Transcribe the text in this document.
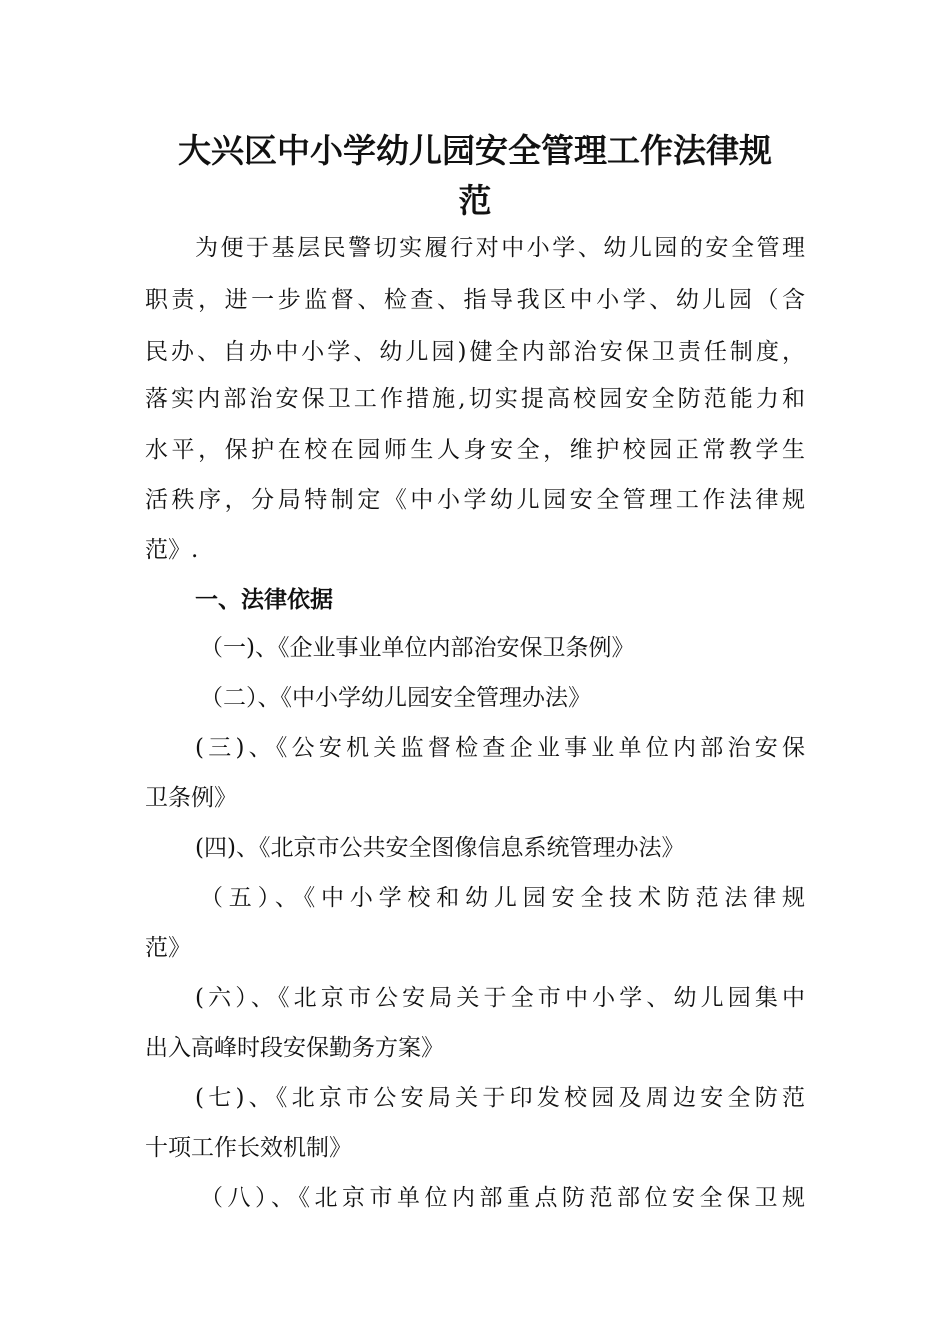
大兴区中小学幼儿园安全管理工作法律规
范

为便于基层民警切实履行对中小学、幼儿园的安全管理

职责，进一步监督、检查、指导我区中小学、幼儿园（含

民办、自办中小学、幼儿园)健全内部治安保卫责任制度，

落实内部治安保卫工作措施,切实提高校园安全防范能力和

水平，保护在校在园师生人身安全，维护校园正常教学生

活秩序，分局特制定《中小学幼儿园安全管理工作法律规

范》.

一、法律依据

（一)、《企业事业单位内部治安保卫条例》

（二）、《中小学幼儿园安全管理办法》

(三)、《公安机关监督检查企业事业单位内部治安保

卫条例》

(四)、《北京市公共安全图像信息系统管理办法》

（五）、《中小学校和幼儿园安全技术防范法律规

范》

(六）、《北京市公安局关于全市中小学、幼儿园集中

出入高峰时段安保勤务方案》

(七)、《北京市公安局关于印发校园及周边安全防范

十项工作长效机制》

（八）、《北京市单位内部重点防范部位安全保卫规
